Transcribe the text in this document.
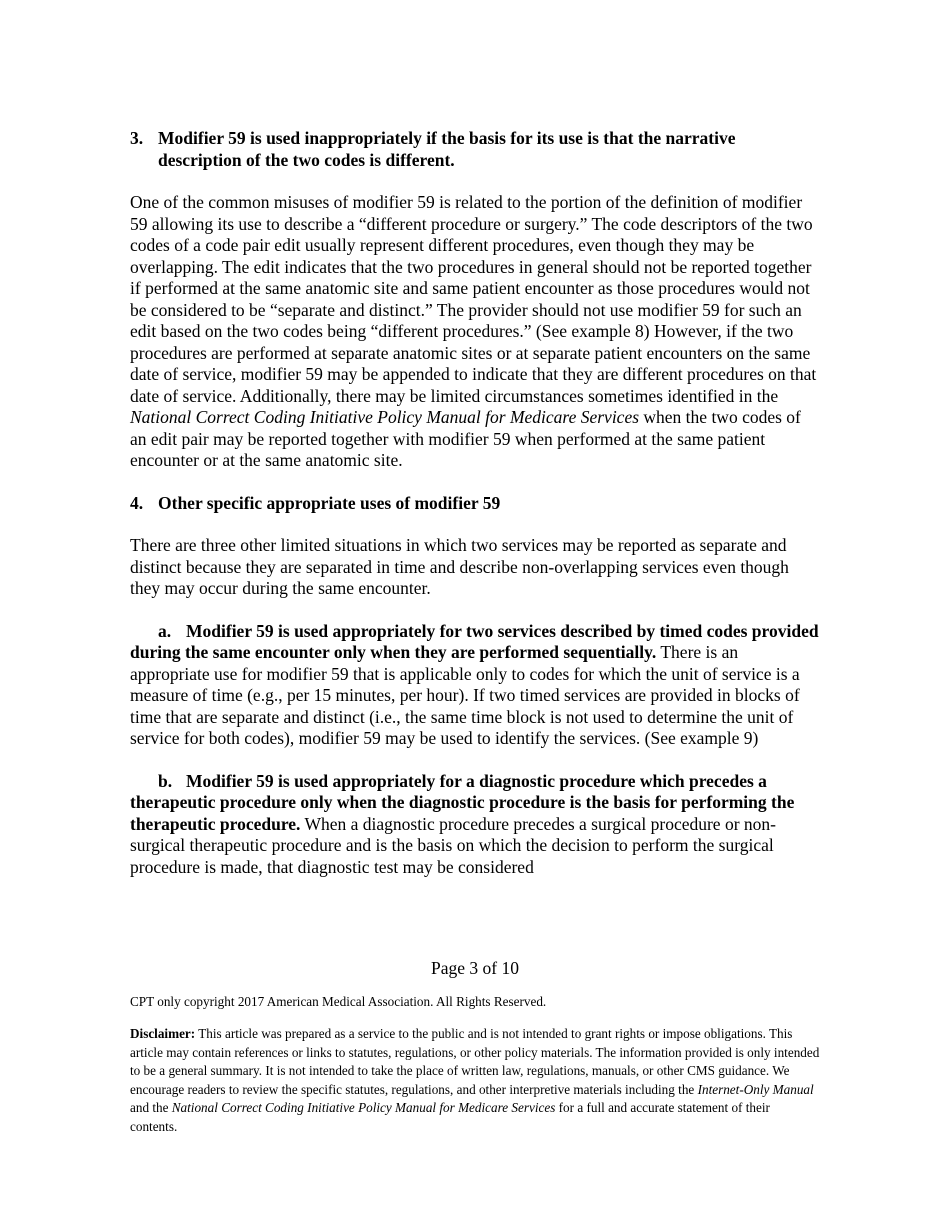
3. Modifier 59 is used inappropriately if the basis for its use is that the narrative description of the two codes is different.

One of the common misuses of modifier 59 is related to the portion of the definition of modifier 59 allowing its use to describe a “different procedure or surgery.” The code descriptors of the two codes of a code pair edit usually represent different procedures, even though they may be overlapping. The edit indicates that the two procedures in general should not be reported together if performed at the same anatomic site and same patient encounter as those procedures would not be considered to be “separate and distinct.” The provider should not use modifier 59 for such an edit based on the two codes being “different procedures.” (See example 8) However, if the two procedures are performed at separate anatomic sites or at separate patient encounters on the same date of service, modifier 59 may be appended to indicate that they are different procedures on that date of service. Additionally, there may be limited circumstances sometimes identified in the National Correct Coding Initiative Policy Manual for Medicare Services when the two codes of an edit pair may be reported together with modifier 59 when performed at the same patient encounter or at the same anatomic site.

4. Other specific appropriate uses of modifier 59

There are three other limited situations in which two services may be reported as separate and distinct because they are separated in time and describe non-overlapping services even though they may occur during the same encounter.

a. Modifier 59 is used appropriately for two services described by timed codes provided during the same encounter only when they are performed sequentially. There is an appropriate use for modifier 59 that is applicable only to codes for which the unit of service is a measure of time (e.g., per 15 minutes, per hour). If two timed services are provided in blocks of time that are separate and distinct (i.e., the same time block is not used to determine the unit of service for both codes), modifier 59 may be used to identify the services. (See example 9)

b. Modifier 59 is used appropriately for a diagnostic procedure which precedes a therapeutic procedure only when the diagnostic procedure is the basis for performing the therapeutic procedure. When a diagnostic procedure precedes a surgical procedure or non-surgical therapeutic procedure and is the basis on which the decision to perform the surgical procedure is made, that diagnostic test may be considered

Page 3 of 10
CPT only copyright 2017 American Medical Association. All Rights Reserved.
Disclaimer: This article was prepared as a service to the public and is not intended to grant rights or impose obligations. This article may contain references or links to statutes, regulations, or other policy materials. The information provided is only intended to be a general summary. It is not intended to take the place of written law, regulations, manuals, or other CMS guidance. We encourage readers to review the specific statutes, regulations, and other interpretive materials including the Internet-Only Manual and the National Correct Coding Initiative Policy Manual for Medicare Services for a full and accurate statement of their contents.
